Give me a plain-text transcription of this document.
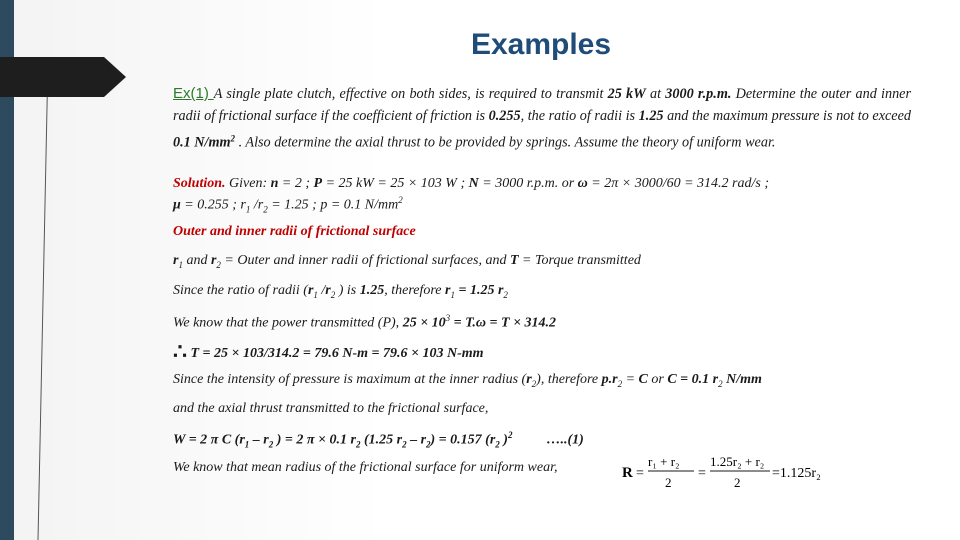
Examples
Ex(1) A single plate clutch, effective on both sides, is required to transmit 25 kW at 3000 r.p.m. Determine the outer and inner radii of frictional surface if the coefficient of friction is 0.255, the ratio of radii is 1.25 and the maximum pressure is not to exceed 0.1 $N/mm^2$ . Also determine the axial thrust to be provided by springs. Assume the theory of uniform wear.
Solution. Given: n = 2 ; P = 25 kW = 25 × 103 W ; N = 3000 r.p.m. or ω = 2π × 3000/60 = 314.2 rad/s ;
μ = 0.255 ; $r_1$ $/r_2 = 1.25$ ; p = 0.1 $N/mm^2$
Outer and inner radii of frictional surface
$r_1$ and $r_2$ = Outer and inner radii of frictional surfaces, and T = Torque transmitted
Since the ratio of radii ($r_1$ $/r_2$ ) is 1.25, therefore $r_1 = 1.25$ $r_2$
We know that the power transmitted (P), $25 \times 10^3 = T.\omega = T \times 314.2$
∴ T = 25 × 103/314.2 = 79.6 N-m = 79.6 × 103 N-mm
Since the intensity of pressure is maximum at the inner radius $(r_2)$, therefore $p.r_2 = C$ or C = 0.1 $r_2$ N/mm
and the axial thrust transmitted to the frictional surface,
W = 2 π C ($r_1 - r_2$ ) = 2 π × 0.1 $r_2$ (1.25 $r_2 - r_2) = 0.157$ ($r_2$ )$^2$ …..(1)
We know that mean radius of the frictional surface for uniform wear,	R =
r₁ + r₂
2
=
1.25r₂ + r₂
2
=1.125r₂
